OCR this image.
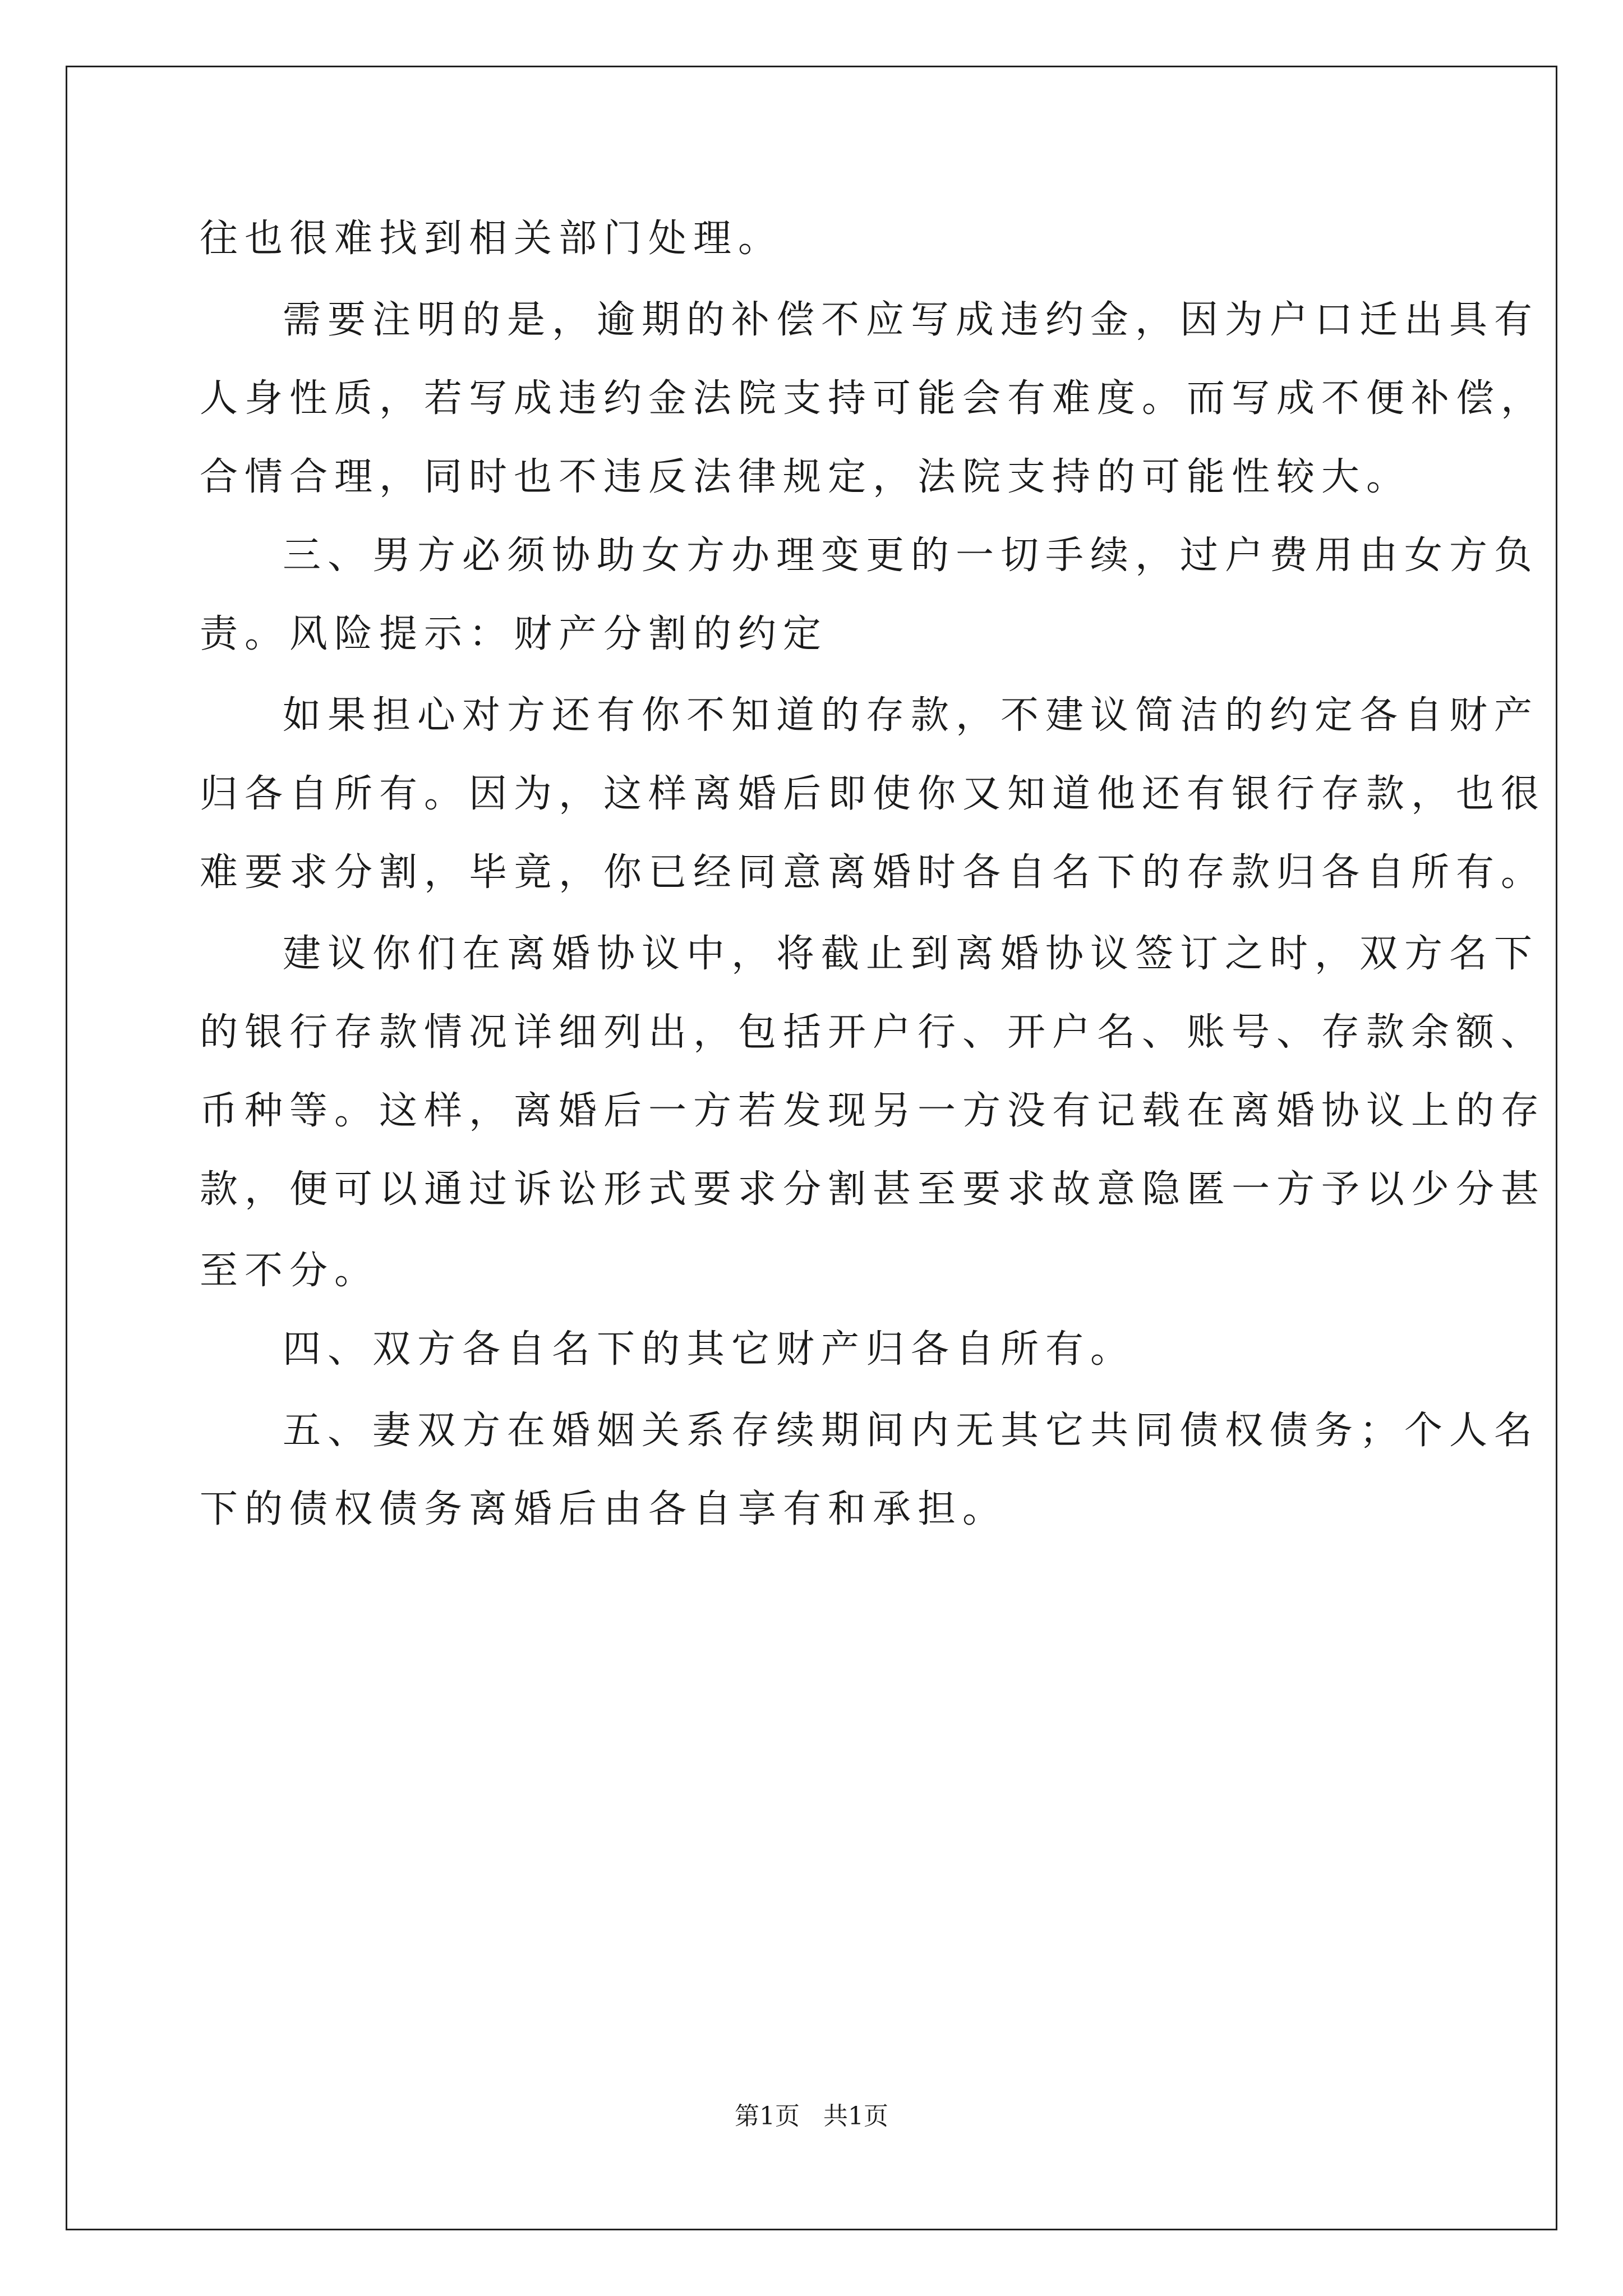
往也很难找到相关部门处理。
需要注明的是，逾期的补偿不应写成违约金，因为户口迁出具有
人身性质，若写成违约金法院支持可能会有难度。而写成不便补偿，
合情合理，同时也不违反法律规定，法院支持的可能性较大。
三、男方必须协助女方办理变更的一切手续，过户费用由女方负
责。风险提示：财产分割的约定
如果担心对方还有你不知道的存款，不建议简洁的约定各自财产
归各自所有。因为，这样离婚后即使你又知道他还有银行存款，也很
难要求分割，毕竟，你已经同意离婚时各自名下的存款归各自所有。
建议你们在离婚协议中，将截止到离婚协议签订之时，双方名下
的银行存款情况详细列出，包括开户行、开户名、账号、存款余额、
币种等。这样，离婚后一方若发现另一方没有记载在离婚协议上的存
款，便可以通过诉讼形式要求分割甚至要求故意隐匿一方予以少分甚
至不分。
四、双方各自名下的其它财产归各自所有。
五、妻双方在婚姻关系存续期间内无其它共同债权债务；个人名
下的债权债务离婚后由各自享有和承担。
第1页   共1页
